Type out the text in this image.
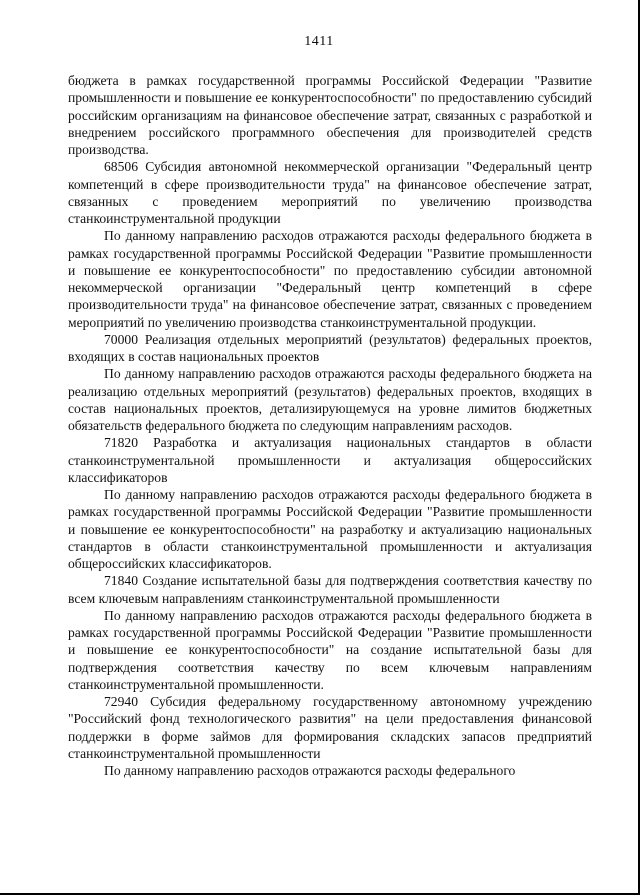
1411

бюджета в рамках государственной программы Российской Федерации "Развитие промышленности и повышение ее конкурентоспособности" по предоставлению субсидий российским организациям на финансовое обеспечение затрат, связанных с разработкой и внедрением российского программного обеспечения для производителей средств производства.

68506 Субсидия автономной некоммерческой организации "Федеральный центр компетенций в сфере производительности труда" на финансовое обеспечение затрат, связанных с проведением мероприятий по увеличению производства станкоинструментальной продукции

По данному направлению расходов отражаются расходы федерального бюджета в рамках государственной программы Российской Федерации "Развитие промышленности и повышение ее конкурентоспособности" по предоставлению субсидии автономной некоммерческой организации "Федеральный центр компетенций в сфере производительности труда" на финансовое обеспечение затрат, связанных с проведением мероприятий по увеличению производства станкоинструментальной продукции.

70000 Реализация отдельных мероприятий (результатов) федеральных проектов, входящих в состав национальных проектов

По данному направлению расходов отражаются расходы федерального бюджета на реализацию отдельных мероприятий (результатов) федеральных проектов, входящих в состав национальных проектов, детализирующемуся на уровне лимитов бюджетных обязательств федерального бюджета по следующим направлениям расходов.

71820 Разработка и актуализация национальных стандартов в области станкоинструментальной промышленности и актуализация общероссийских классификаторов

По данному направлению расходов отражаются расходы федерального бюджета в рамках государственной программы Российской Федерации "Развитие промышленности и повышение ее конкурентоспособности" на разработку и актуализацию национальных стандартов в области станкоинструментальной промышленности и актуализация общероссийских классификаторов.

71840 Создание испытательной базы для подтверждения соответствия качеству по всем ключевым направлениям станкоинструментальной промышленности

По данному направлению расходов отражаются расходы федерального бюджета в рамках государственной программы Российской Федерации "Развитие промышленности и повышение ее конкурентоспособности" на создание испытательной базы для подтверждения соответствия качеству по всем ключевым направлениям станкоинструментальной промышленности.

72940 Субсидия федеральному государственному автономному учреждению "Российский фонд технологического развития" на цели предоставления финансовой поддержки в форме займов для формирования складских запасов предприятий станкоинструментальной промышленности

По данному направлению расходов отражаются расходы федерального
